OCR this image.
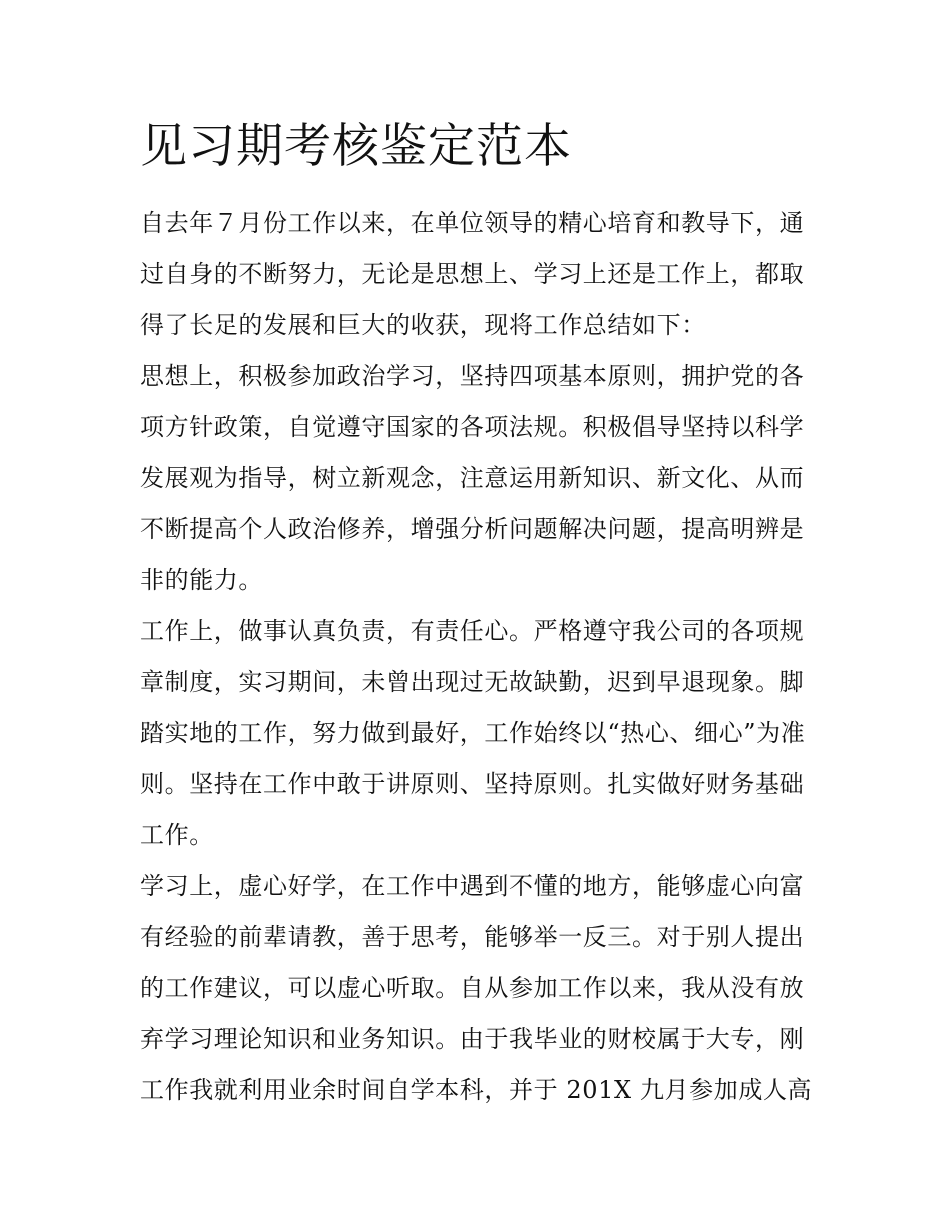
见习期考核鉴定范本

自去年７月份工作以来，在单位领导的精心培育和教导下，通
过自身的不断努力，无论是思想上、学习上还是工作上，都取
得了长足的发展和巨大的收获，现将工作总结如下：

思想上，积极参加政治学习，坚持四项基本原则，拥护党的各
项方针政策，自觉遵守国家的各项法规。积极倡导坚持以科学
发展观为指导，树立新观念，注意运用新知识、新文化、从而
不断提高个人政治修养，增强分析问题解决问题，提高明辨是
非的能力。

工作上，做事认真负责，有责任心。严格遵守我公司的各项规
章制度，实习期间，未曾出现过无故缺勤，迟到早退现象。脚
踏实地的工作，努力做到最好，工作始终以“热心、细心”为准
则。坚持在工作中敢于讲原则、坚持原则。扎实做好财务基础
工作。

学习上，虚心好学，在工作中遇到不懂的地方，能够虚心向富
有经验的前辈请教，善于思考，能够举一反三。对于别人提出
的工作建议，可以虚心听取。自从参加工作以来，我从没有放
弃学习理论知识和业务知识。由于我毕业的财校属于大专，刚
工作我就利用业余时间自学本科，并于 201X 九月参加成人高
